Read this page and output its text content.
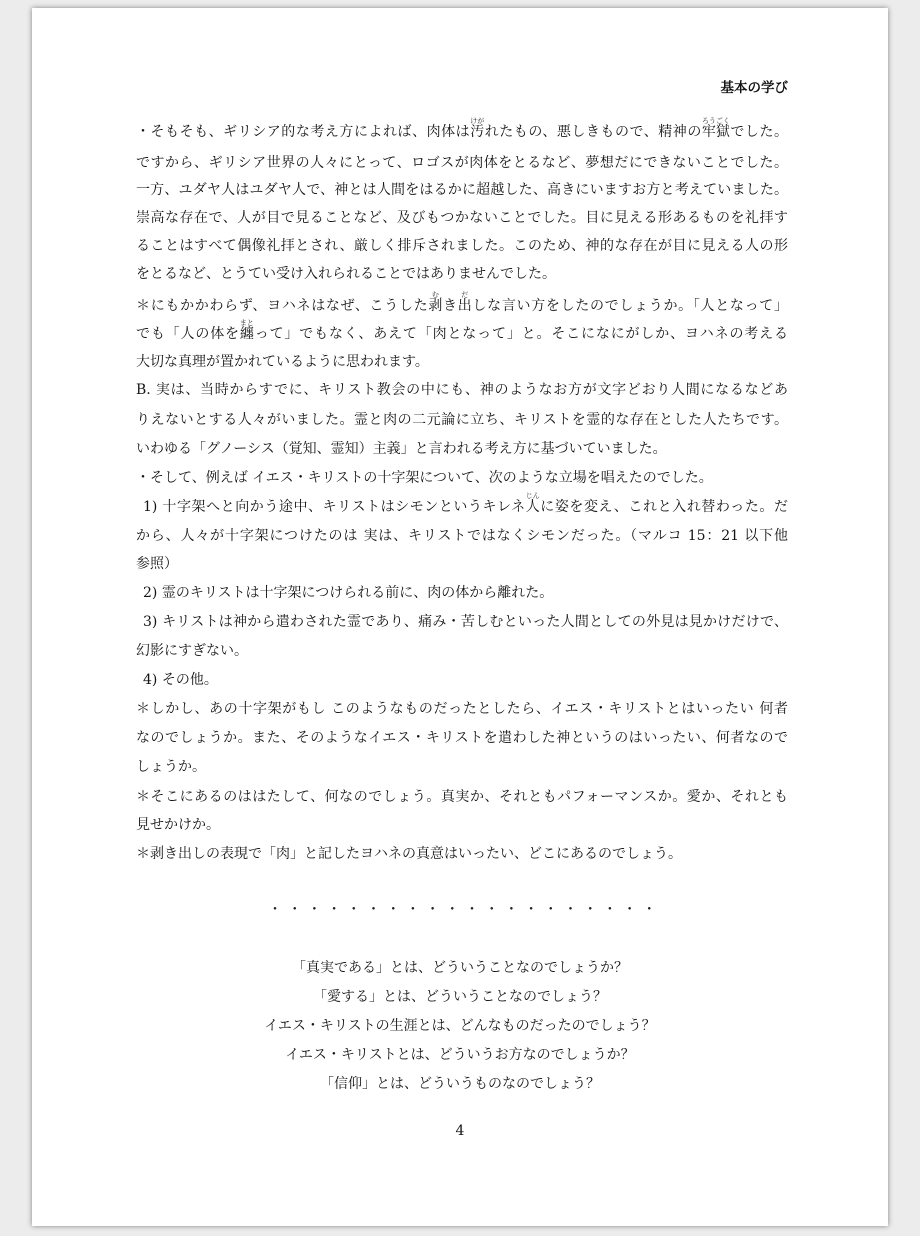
基本の学び
・そもそも、ギリシア的な考え方によれば、肉体は汚
けが
れたもの、悪しきもので、精神の牢獄
ろうごく
でした。
ですから、ギリシア世界の人々にとって、ロゴスが肉体をとるなど、夢想だにできないことでした。
一方、ユダヤ人はユダヤ人で、神とは人間をはるかに超越した、高きにいますお方と考えていました。
崇高な存在で、人が目で見ることなど、及びもつかないことでした。目に見える形あるものを礼拝す
ることはすべて偶像礼拝とされ、厳しく排斥されました。このため、神的な存在が目に見える人の形
をとるなど、とうてい受け入れられることではありませんでした。
＊にもかかわらず、ヨハネはなぜ、こうした剥
む
き出
だ
しな言い方をしたのでしょうか。「人となって」
でも「人の体を纏
まと
って」でもなく、あえて「肉となって」と。そこになにがしか、ヨハネの考える
大切な真理が置かれているように思われます。
B. 実は、当時からすでに、キリスト教会の中にも、神のようなお方が文字どおり人間になるなどあ
りえないとする人々がいました。霊と肉の二元論に立ち、キリストを霊的な存在とした人たちです。
いわゆる「グノーシス（覚知、霊知）主義」と言われる考え方に基づいていました。
・そして、例えば イエス・キリストの十字架について、次のような立場を唱えたのでした。
1) 十字架へと向かう途中、キリストはシモンというキレネ人
じん
に姿を変え、これと入れ替わった。だ
から、人々が十字架につけたのは 実は、キリストではなくシモンだった。（マルコ 15：21 以下他
参照）
2) 霊のキリストは十字架につけられる前に、肉の体から離れた。
3) キリストは神から遣わされた霊であり、痛み・苦しむといった人間としての外見は見かけだけで、
幻影にすぎない。
4) その他。
＊しかし、あの十字架がもし このようなものだったとしたら、イエス・キリストとはいったい 何者
なのでしょうか。また、そのようなイエス・キリストを遣わした神というのはいったい、何者なので
しょうか。
＊そこにあるのははたして、何なのでしょう。真実か、それともパフォーマンスか。愛か、それとも
見せかけか。
＊剥き出しの表現で「肉」と記したヨハネの真意はいったい、どこにあるのでしょう。
・・・・・・・・・・・・・・・・・・・・
「真実である」とは、どういうことなのでしょうか？
「愛する」とは、どういうことなのでしょう？
イエス・キリストの生涯とは、どんなものだったのでしょう？
イエス・キリストとは、どういうお方なのでしょうか？
「信仰」とは、どういうものなのでしょう？
4
